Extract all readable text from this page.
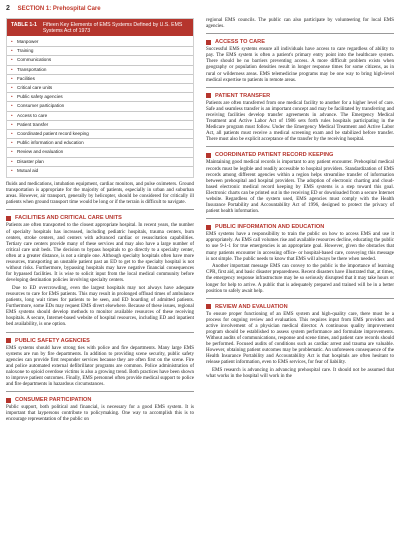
2 SECTION 1: Prehospital Care
TABLE 1-1 Fifteen Key Elements of EMS Systems Defined by U.S. EMS Systems Act of 1973
• Manpower
• Training
• Communications
• Transportation
• Facilities
• Critical care units
• Public safety agencies
• Consumer participation
• Access to care
• Patient transfer
• Coordinated patient record keeping
• Public information and education
• Review and evaluation
• Disaster plan
• Mutual aid

fluids and medications, intubation equipment, cardiac monitors, and pulse oximeters. Ground transportation is appropriate for the majority of patients, especially in urban and suburban areas. However, air transport, generally by helicopter, should be considered for critically ill patients when ground transport time would be long or if the terrain is difficult to navigate.

FACILITIES AND CRITICAL CARE UNITS

Patients are often transported to the closest appropriate hospital. In recent years, the number of specialty hospitals has increased, including pediatric hospitals, trauma centers, burn centers, stroke centers, and centers with advanced cardiac or resuscitation capabilities. Tertiary care centers provide many of these services and may also have a large number of critical care unit beds. The decision to bypass hospitals to go directly to a specialty center, often at a greater distance, is not a simple one. Although specialty hospitals often have more resources, transporting an unstable patient past an ED to get to the specialty hospital is not without risks. Furthermore, bypassing hospitals may have negative financial consequences for bypassed facilities. It is wise to solicit input from the local medical community before developing destination policies involving specialty centers.

Due to ED overcrowding, even the largest hospitals may not always have adequate resources to care for EMS patients. This may result in prolonged offload times of ambulance patients, long wait times for patients to be seen, and ED boarding of admitted patients. Furthermore, some EDs may request EMS divert elsewhere. Because of these issues, regional EMS systems should develop methods to monitor available resources of these receiving hospitals. A secure, Internet-based website of hospital resources, including ED and inpatient bed availability, is one option.

PUBLIC SAFETY AGENCIES

EMS systems should have strong ties with police and fire departments. Many large EMS systems are run by fire departments. In addition to providing scene security, public safety agencies can provide first responder services because they are often first on the scene. Fire and police automated external defibrillator programs are common. Police administration of naloxone to opioid overdose victims is also a growing trend. Both practices have been shown to improve patient outcomes. Finally, EMS personnel often provide medical support to police and fire departments in hazardous circumstances.

CONSUMER PARTICIPATION

Public support, both political and financial, is necessary for a good EMS system. It is important that laypersons contribute to policymaking. One way to accomplish this is to encourage representation of the public on

regional EMS councils. The public can also participate by volunteering for local EMS agencies.

ACCESS TO CARE

Successful EMS systems ensure all individuals have access to care regardless of ability to pay. The EMS system is often a patient's primary entry point into the healthcare system. There should be no barriers preventing access. A more difficult problem exists when geography or population densities result in longer response times for some citizens, as in rural or wilderness areas. EMS telemedicine programs may be one way to bring high-level medical expertise to patients in remote areas.

PATIENT TRANSFER

Patients are often transferred from one medical facility to another for a higher level of care. Safe and seamless transfer is an important concept and may be facilitated by transferring and receiving facilities develop transfer agreements in advance. The Emergency Medical Treatment and Active Labor Act of 1986 sets forth rules hospitals participating in the Medicare program must follow. Under the Emergency Medical Treatment and Active Labor Act, all patients must receive a medical screening exam and be stabilized before transfer. There must also be explicit acceptance of the transfer by the receiving hospital.

COORDINATED PATIENT RECORD KEEPING

Maintaining good medical records is important to any patient encounter. Prehospital medical records must be legible and readily accessible to hospital providers. Standardization of EMS records among different agencies within a region helps streamline transfer of information between prehospital and hospital providers. The adoption of electronic charting and cloud-based electronic medical record keeping by EMS systems is a step toward this goal. Electronic charts can be printed out in the receiving ED or downloaded from a secure Internet website. Regardless of the system used, EMS agencies must comply with the Health Insurance Portability and Accountability Act of 1996, designed to protect the privacy of patient health information.

PUBLIC INFORMATION AND EDUCATION

EMS systems have a responsibility to train the public on how to access EMS and use it appropriately. As EMS call volumes rise and available resources decline, educating the public to use 9-1-1 for true emergencies is an appropriate goal. However, given the obstacles that many patients encounter in accessing office- or hospital-based care, conveying this message is not simple. The public needs to know that EMS will always be there when needed.

Another important message EMS can convey to the public is the importance of learning CPR, first aid, and basic disaster preparedness. Recent disasters have illustrated that, at times, the emergency response infrastructure may be so seriously disrupted that it may take hours or longer for help to arrive. A public that is adequately prepared and trained will be in a better position to safely await help.

REVIEW AND EVALUATION

To ensure proper functioning of an EMS system and high-quality care, there must be a process for ongoing review and evaluation. This requires input from EMS providers and active involvement of a physician medical director. A continuous quality improvement program should be established to assess system performance and formulate improvements. Without audits of communications, response and scene times, and patient care records should be performed. Focused audits of conditions such as cardiac arrest and trauma are valuable. However, obtaining patient outcomes may be problematic. An unforeseen consequence of the Health Insurance Portability and Accountability Act is that hospitals are often hesitant to release patient information, even to EMS services, for fear of liability.

EMS research is advancing in advancing prehospital care. It should not be assumed that what works in the hospital will work in the
